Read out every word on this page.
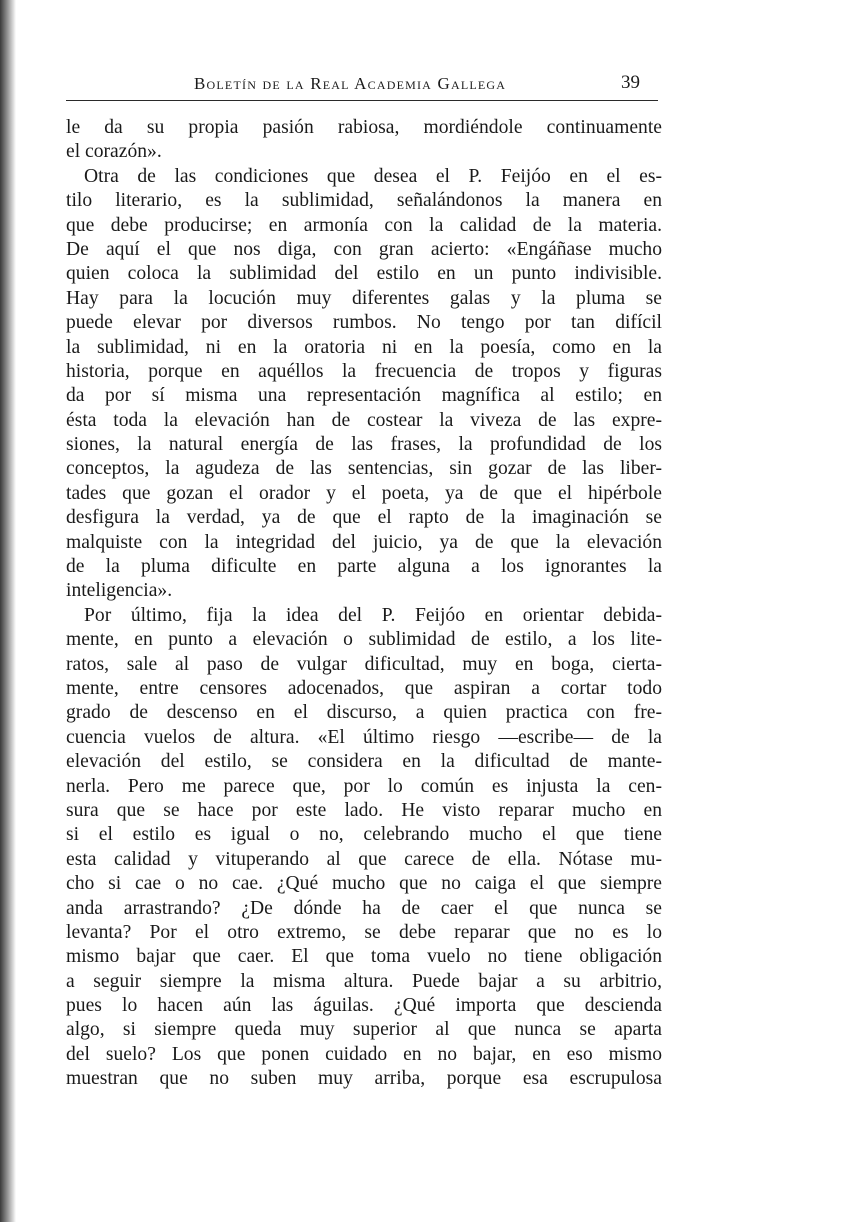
Boletín de la Real Academia Gallega	39
le da su propia pasión rabiosa, mordiéndole continuamente
el corazón».
Otra de las condiciones que desea el P. Feijóo en el es-
tilo literario, es la sublimidad, señalándonos la manera en
que debe producirse; en armonía con la calidad de la materia.
De aquí el que nos diga, con gran acierto: «Engáñase mucho
quien coloca la sublimidad del estilo en un punto indivisible.
Hay para la locución muy diferentes galas y la pluma se
puede elevar por diversos rumbos. No tengo por tan difícil
la sublimidad, ni en la oratoria ni en la poesía, como en la
historia, porque en aquéllos la frecuencia de tropos y figuras
da por sí misma una representación magnífica al estilo; en
ésta toda la elevación han de costear la viveza de las expre-
siones, la natural energía de las frases, la profundidad de los
conceptos, la agudeza de las sentencias, sin gozar de las liber-
tades que gozan el orador y el poeta, ya de que el hipérbole
desfigura la verdad, ya de que el rapto de la imaginación se
malquiste con la integridad del juicio, ya de que la elevación
de la pluma dificulte en parte alguna a los ignorantes la
inteligencia».
Por último, fija la idea del P. Feijóo en orientar debida-
mente, en punto a elevación o sublimidad de estilo, a los lite-
ratos, sale al paso de vulgar dificultad, muy en boga, cierta-
mente, entre censores adocenados, que aspiran a cortar todo
grado de descenso en el discurso, a quien practica con fre-
cuencia vuelos de altura. «El último riesgo —escribe— de la
elevación del estilo, se considera en la dificultad de mante-
nerla. Pero me parece que, por lo común es injusta la cen-
sura que se hace por este lado. He visto reparar mucho en
si el estilo es igual o no, celebrando mucho el que tiene
esta calidad y vituperando al que carece de ella. Nótase mu-
cho si cae o no cae. ¿Qué mucho que no caiga el que siempre
anda arrastrando? ¿De dónde ha de caer el que nunca se
levanta? Por el otro extremo, se debe reparar que no es lo
mismo bajar que caer. El que toma vuelo no tiene obligación
a seguir siempre la misma altura. Puede bajar a su arbitrio,
pues lo hacen aún las águilas. ¿Qué importa que descienda
algo, si siempre queda muy superior al que nunca se aparta
del suelo? Los que ponen cuidado en no bajar, en eso mismo
muestran que no suben muy arriba, porque esa escrupulosa
